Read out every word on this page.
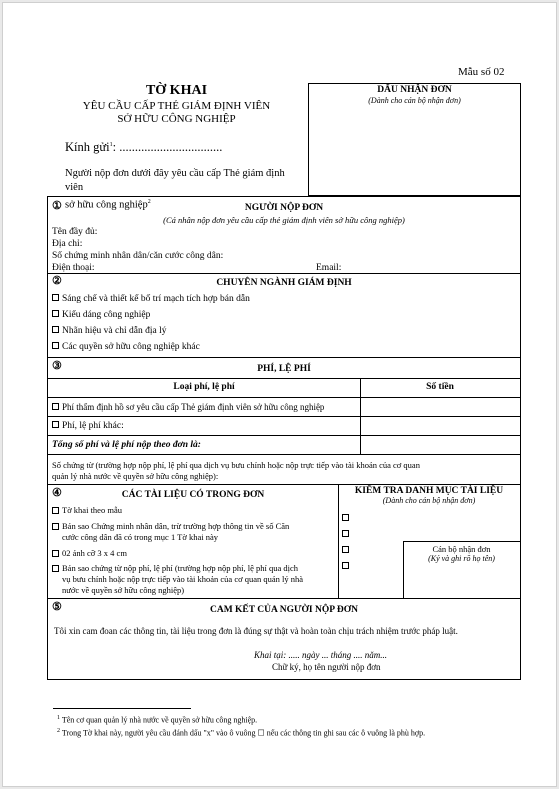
Mẫu số 02
DẤU NHẬN ĐƠN
(Dành cho cán bộ nhận đơn)
TỜ KHAI
YÊU CẦU CẤP THẺ GIÁM ĐỊNH VIÊN
SỞ HỮU CÔNG NGHIỆP
Kính gửi$^1$: .................................
Người nộp đơn dưới đây yêu cầu cấp Thẻ giám định viên
sở hữu công nghiệp$^2$
①	NGƯỜI NỘP ĐƠN
(Cá nhân nộp đơn yêu cầu cấp thẻ giám định viên sở hữu công nghiệp)
Tên đầy đủ:
Địa chỉ:
Số chứng minh nhân dân/căn cước công dân:
Điện thoại:	Email:
②	CHUYÊN NGÀNH GIÁM ĐỊNH
Sáng chế và thiết kế bố trí mạch tích hợp bán dẫn
Kiểu dáng công nghiệp
Nhãn hiệu và chỉ dẫn địa lý
Các quyền sở hữu công nghiệp khác
③	PHÍ, LỆ PHÍ
Loại phí, lệ phí	Số tiền
Phí thẩm định hồ sơ yêu cầu cấp Thẻ giám định viên sở hữu công nghiệp
Phí, lệ phí khác:
Tổng số phí và lệ phí nộp theo đơn là:
Số chứng từ (trường hợp nộp phí, lệ phí qua dịch vụ bưu chính hoặc nộp trực tiếp vào tài khoản của cơ quan
quản lý nhà nước về quyền sở hữu công nghiệp):
④	CÁC TÀI LIỆU CÓ TRONG ĐƠN	KIỂM TRA DANH MỤC TÀI LIỆU
(Dành cho cán bộ nhận đơn)
Tờ khai theo mẫu
Bản sao Chứng minh nhân dân, trừ trường hợp thông tin về số Căn
cước công dân đã có trong mục 1 Tờ khai này
02 ảnh cỡ 3 x 4 cm
Bản sao chứng từ nộp phí, lệ phí (trường hợp nộp phí, lệ phí qua dịch
vụ bưu chính hoặc nộp trực tiếp vào tài khoản của cơ quan quản lý nhà
nước về quyền sở hữu công nghiệp)
Cán bộ nhận đơn
(Ký và ghi rõ họ tên)
⑤	CAM KẾT CỦA NGƯỜI NỘP ĐƠN
Tôi xin cam đoan các thông tin, tài liệu trong đơn là đúng sự thật và hoàn toàn chịu trách nhiệm trước pháp luật.
Khai tại: ..... ngày ... tháng .... năm...
Chữ ký, họ tên người nộp đơn
$^1$ Tên cơ quan quản lý nhà nước về quyền sở hữu công nghiệp.
$^2$ Trong Tờ khai này, người yêu cầu đánh dấu "x" vào ô vuông ☐ nếu các thông tin ghi sau các ô vuông là phù hợp.
